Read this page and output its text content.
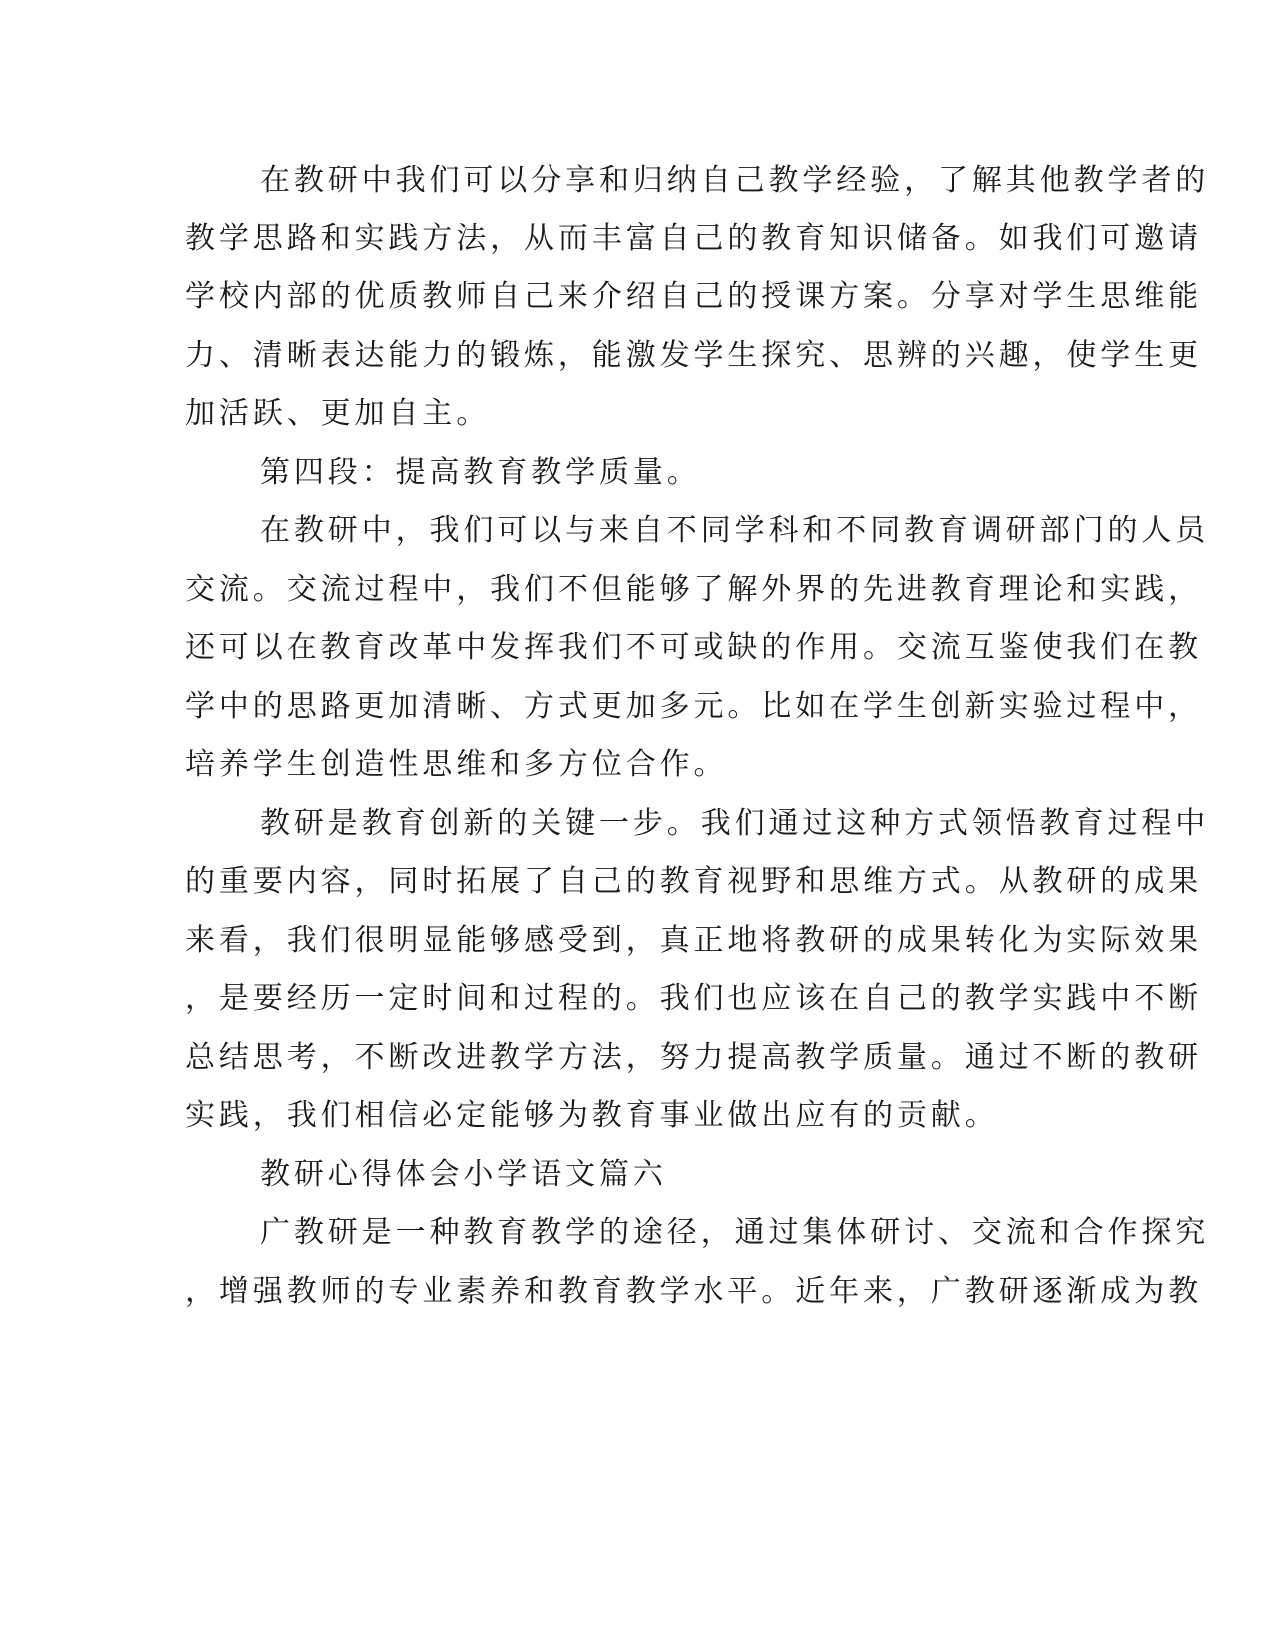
在教研中我们可以分享和归纳自己教学经验，了解其他教学者的

教学思路和实践方法，从而丰富自己的教育知识储备。如我们可邀请

学校内部的优质教师自己来介绍自己的授课方案。分享对学生思维能

力、清晰表达能力的锻炼，能激发学生探究、思辨的兴趣，使学生更

加活跃、更加自主。

第四段：提高教育教学质量。

在教研中，我们可以与来自不同学科和不同教育调研部门的人员

交流。交流过程中，我们不但能够了解外界的先进教育理论和实践，

还可以在教育改革中发挥我们不可或缺的作用。交流互鉴使我们在教

学中的思路更加清晰、方式更加多元。比如在学生创新实验过程中，

培养学生创造性思维和多方位合作。

教研是教育创新的关键一步。我们通过这种方式领悟教育过程中

的重要内容，同时拓展了自己的教育视野和思维方式。从教研的成果

来看，我们很明显能够感受到，真正地将教研的成果转化为实际效果

，是要经历一定时间和过程的。我们也应该在自己的教学实践中不断

总结思考，不断改进教学方法，努力提高教学质量。通过不断的教研

实践，我们相信必定能够为教育事业做出应有的贡献。

教研心得体会小学语文篇六

广教研是一种教育教学的途径，通过集体研讨、交流和合作探究

，增强教师的专业素养和教育教学水平。近年来，广教研逐渐成为教
